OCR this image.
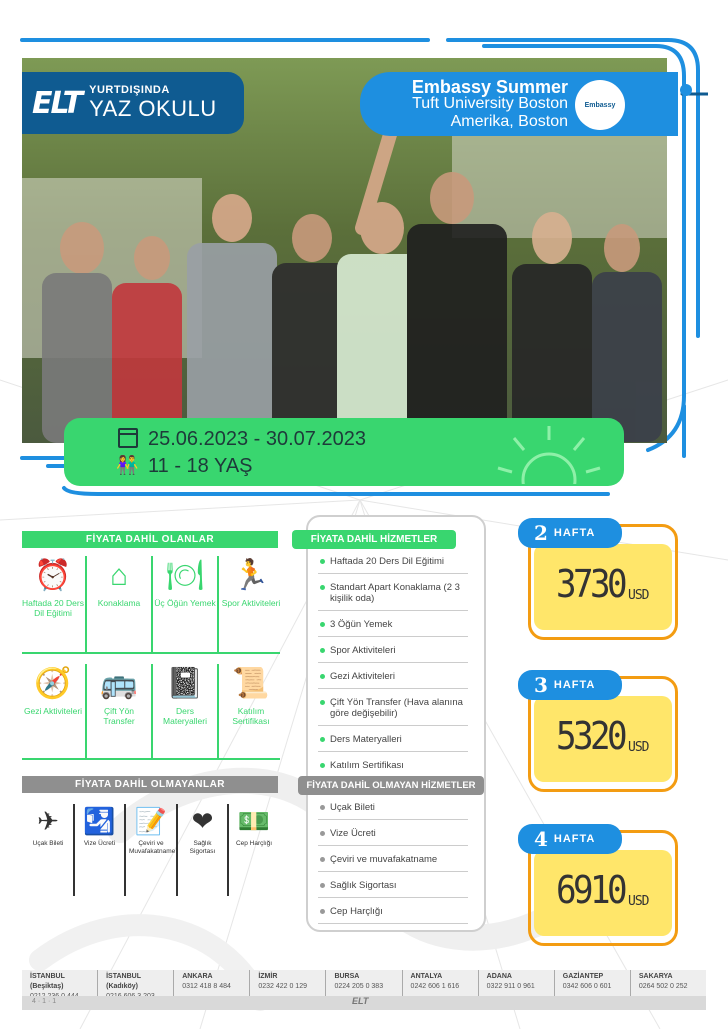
ELT YURTDIŞINDA
YAZ OKULU
Embassy Summer
Tuft University Boston
Amerika, Boston
Embassy
25.06.2023 - 30.07.2023
👫 11 - 18 YAŞ
FİYATA DAHİL OLANLAR
⏰
Haftada 20 Ders Dil Eğitimi
⌂
Konaklama
🍽
Üç Öğün Yemek
🏃
Spor Aktiviteleri
🧭
Gezi Aktiviteleri
🚌
Çift Yön Transfer
📓
Ders Materyalleri
📜
Katılım Sertifikası
FİYATA DAHİL OLMAYANLAR
✈
Uçak Bileti
🛂
Vize Ücreti
📝
Çeviri ve Muvafakatname
❤
Sağlık Sigortası
💵
Cep Harçlığı
FİYATA DAHİL HİZMETLER
Haftada 20 Ders Dil Eğitimi
Standart Apart Konaklama (2 3 kişilik oda)
3 Öğün Yemek
Spor Aktiviteleri
Gezi Aktiviteleri
Çift Yön Transfer (Hava alanına göre değişebilir)
Ders Materyalleri
Katılım Sertifikası
FİYATA DAHİL OLMAYAN HİZMETLER
Uçak Bileti
Vize Ücreti
Çeviri ve muvafakatname
Sağlık Sigortası
Cep Harçlığı
2 HAFTA
3730 USD
3 HAFTA
5320 USD
4 HAFTA
6910 USD
İSTANBUL (Beşiktaş)

İSTANBUL (Kadıköy)

ANKARA
0312 418 8 484
İZMİR
0232 422 0 129
BURSA
0224 205 0 383
ANTALYA
0242 606 1 616
ADANA
0322 911 0 961
GAZİANTEP
0342 606 0 601
SAKARYA
0264 502 0 252
4 · 1 · 1	ELT
